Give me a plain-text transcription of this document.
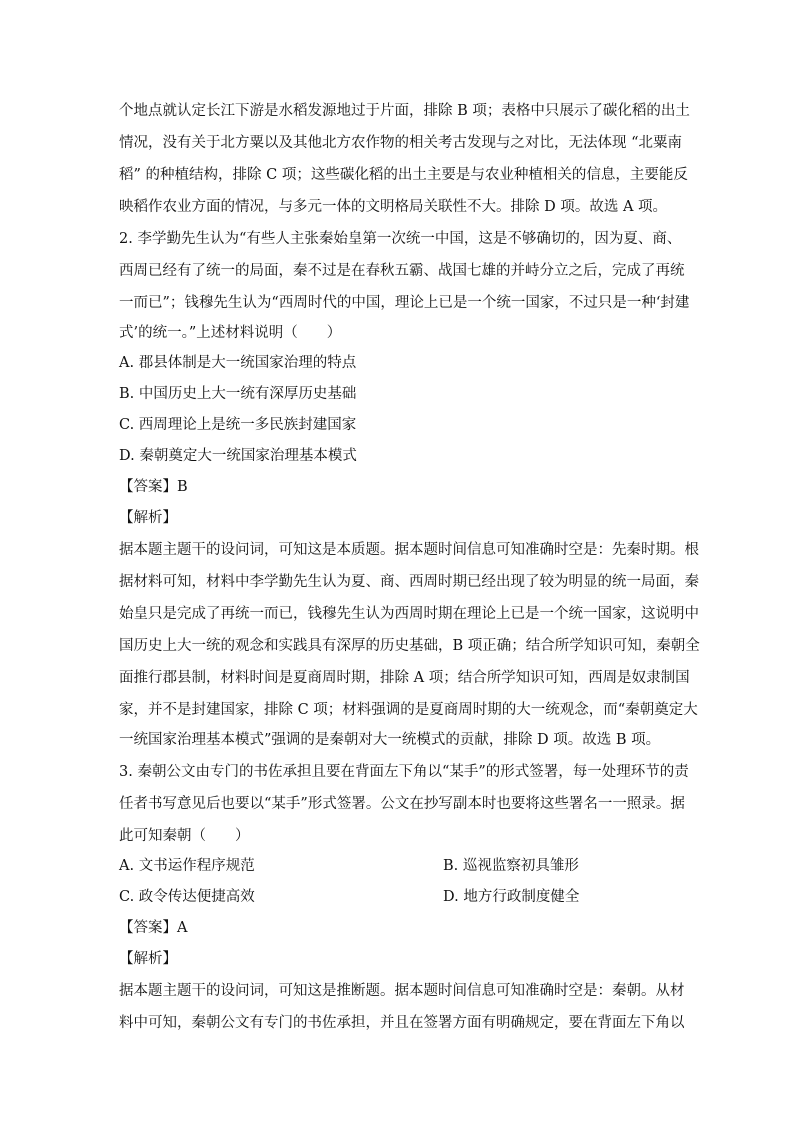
个地点就认定长江下游是水稻发源地过于片面，排除 B 项；表格中只展示了碳化稻的出土
情况，没有关于北方粟以及其他北方农作物的相关考古发现与之对比，无法体现 “北粟南
稻” 的种植结构，排除 C 项；这些碳化稻的出土主要是与农业种植相关的信息，主要能反
映稻作农业方面的情况，与多元一体的文明格局关联性不大。排除 D 项。故选 A 项。
2. 李学勤先生认为“有些人主张秦始皇第一次统一中国，这是不够确切的，因为夏、商、
西周已经有了统一的局面，秦不过是在春秋五霸、战国七雄的并峙分立之后，完成了再统
一而已”；钱穆先生认为“西周时代的中国，理论上已是一个统一国家，不过只是一种‘封建
式’的统一。”上述材料说明（　　）
A. 郡县体制是大一统国家治理的特点
B. 中国历史上大一统有深厚历史基础
C. 西周理论上是统一多民族封建国家
D. 秦朝奠定大一统国家治理基本模式
【答案】B
【解析】
据本题主题干的设问词，可知这是本质题。据本题时间信息可知准确时空是：先秦时期。根
据材料可知，材料中李学勤先生认为夏、商、西周时期已经出现了较为明显的统一局面，秦
始皇只是完成了再统一而已，钱穆先生认为西周时期在理论上已是一个统一国家，这说明中
国历史上大一统的观念和实践具有深厚的历史基础，B 项正确；结合所学知识可知，秦朝全
面推行郡县制，材料时间是夏商周时期，排除 A 项；结合所学知识可知，西周是奴隶制国
家，并不是封建国家，排除 C 项；材料强调的是夏商周时期的大一统观念，而“秦朝奠定大
一统国家治理基本模式”强调的是秦朝对大一统模式的贡献，排除 D 项。故选 B 项。
3. 秦朝公文由专门的书佐承担且要在背面左下角以“某手”的形式签署，每一处理环节的责
任者书写意见后也要以“某手”形式签署。公文在抄写副本时也要将这些署名一一照录。据
此可知秦朝（　　）
A. 文书运作程序规范	B. 巡视监察初具雏形
C. 政令传达便捷高效	D. 地方行政制度健全
【答案】A
【解析】
据本题主题干的设问词，可知这是推断题。据本题时间信息可知准确时空是：秦朝。从材
料中可知，秦朝公文有专门的书佐承担，并且在签署方面有明确规定，要在背面左下角以
